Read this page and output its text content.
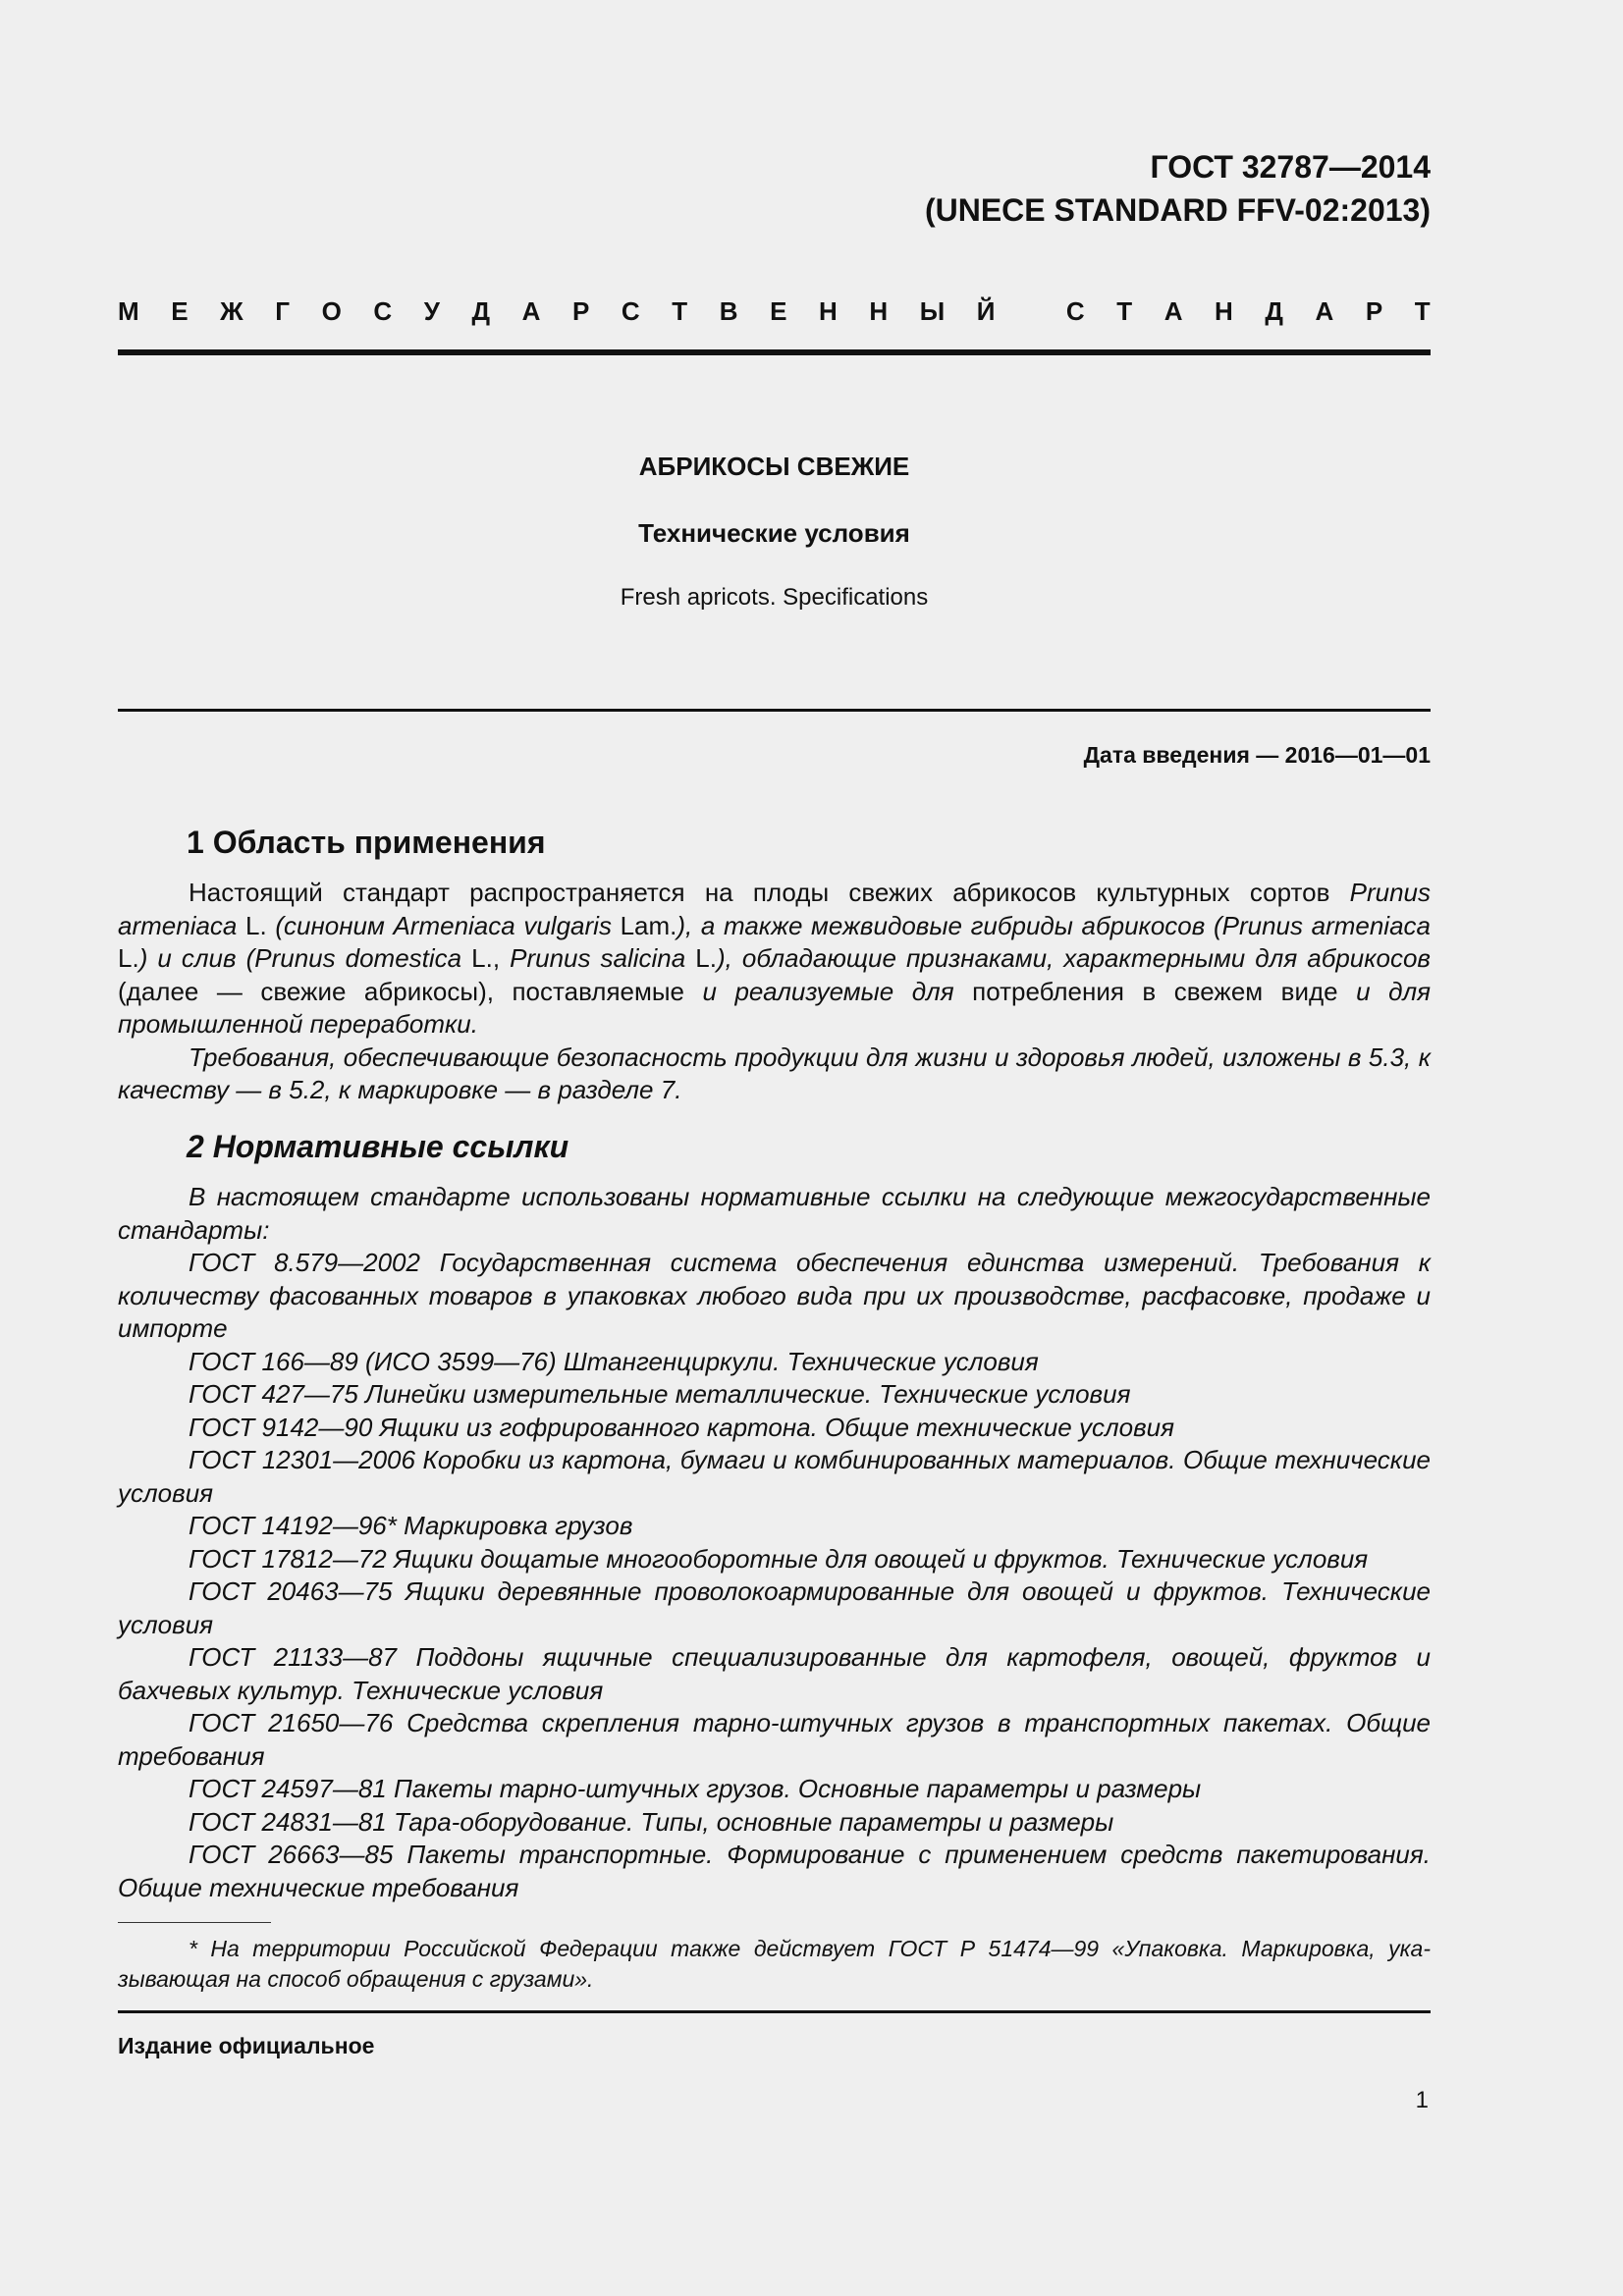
ГОСТ 32787—2014
(UNECE STANDARD FFV-02:2013)
М Е Ж Г О С У Д А Р С Т В Е Н Н Ы Й
	С Т А Н Д А Р Т
АБРИКОСЫ СВЕЖИЕ
Технические условия
Fresh apricots. Specifications
Дата введения — 2016—01—01
1 Область применения

Настоящий стандарт распространяется на плоды свежих абрикосов культурных сортов Prunus armeniaca L. (синоним Armeniaca vulgaris Lam.), а также межвидовые гибриды абрикосов (Prunus armeniaca L.) и слив (Prunus domestica L., Prunus salicina L.), обладающие признаками, характерными для абрикосов (далее — свежие абрикосы), поставляемые и реализуемые для потребления в свежем виде и для промышленной переработки.

Требования, обеспечивающие безопасность продукции для жизни и здоровья людей, изложены в 5.3, к качеству — в 5.2, к маркировке — в разделе 7.

2 Нормативные ссылки

В настоящем стандарте использованы нормативные ссылки на следующие межгосударственные стандарты:

ГОСТ 8.579—2002 Государственная система обеспечения единства измерений. Требования к количеству фасованных товаров в упаковках любого вида при их производстве, расфасовке, продаже и импорте

ГОСТ 166—89 (ИСО 3599—76) Штангенциркули. Технические условия

ГОСТ 427—75 Линейки измерительные металлические. Технические условия

ГОСТ 9142—90 Ящики из гофрированного картона. Общие технические условия

ГОСТ 12301—2006 Коробки из картона, бумаги и комбинированных материалов. Общие технические условия

ГОСТ 14192—96* Маркировка грузов

ГОСТ 17812—72 Ящики дощатые многооборотные для овощей и фруктов. Технические условия

ГОСТ 20463—75 Ящики деревянные проволокоармированные для овощей и фруктов. Технические условия

ГОСТ 21133—87 Поддоны ящичные специализированные для картофеля, овощей, фруктов и бахчевых культур. Технические условия

ГОСТ 21650—76 Средства скрепления тарно-штучных грузов в транспортных пакетах. Общие требования

ГОСТ 24597—81 Пакеты тарно-штучных грузов. Основные параметры и размеры

ГОСТ 24831—81 Тара-оборудование. Типы, основные параметры и размеры

ГОСТ 26663—85 Пакеты транспортные. Формирование с применением средств пакетирования. Общие технические требования

* На территории Российской Федерации также действует ГОСТ Р 51474—99 «Упаковка. Маркировка, указывающая на способ обращения с грузами».
Издание официальное
1
